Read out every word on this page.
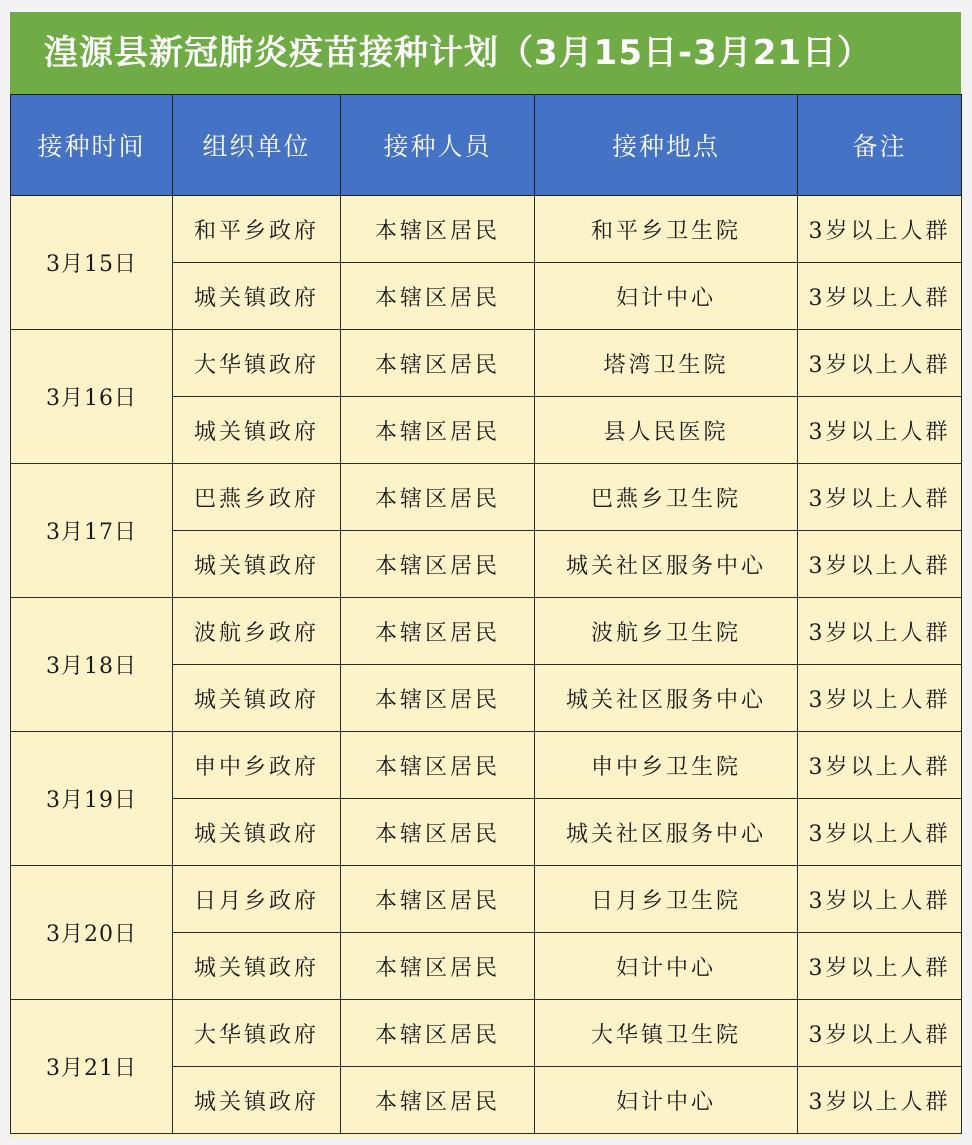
湟源县新冠肺炎疫苗接种计划（3月15日-3月21日）
接种时间	组织单位	接种人员	接种地点	备注
3月15日	和平乡政府	本辖区居民	和平乡卫生院	3岁以上人群
	城关镇政府	本辖区居民	妇计中心	3岁以上人群
3月16日	大华镇政府	本辖区居民	塔湾卫生院	3岁以上人群
	城关镇政府	本辖区居民	县人民医院	3岁以上人群
3月17日	巴燕乡政府	本辖区居民	巴燕乡卫生院	3岁以上人群
	城关镇政府	本辖区居民	城关社区服务中心	3岁以上人群
3月18日	波航乡政府	本辖区居民	波航乡卫生院	3岁以上人群
	城关镇政府	本辖区居民	城关社区服务中心	3岁以上人群
3月19日	申中乡政府	本辖区居民	申中乡卫生院	3岁以上人群
	城关镇政府	本辖区居民	城关社区服务中心	3岁以上人群
3月20日	日月乡政府	本辖区居民	日月乡卫生院	3岁以上人群
	城关镇政府	本辖区居民	妇计中心	3岁以上人群
3月21日	大华镇政府	本辖区居民	大华镇卫生院	3岁以上人群
	城关镇政府	本辖区居民	妇计中心	3岁以上人群
